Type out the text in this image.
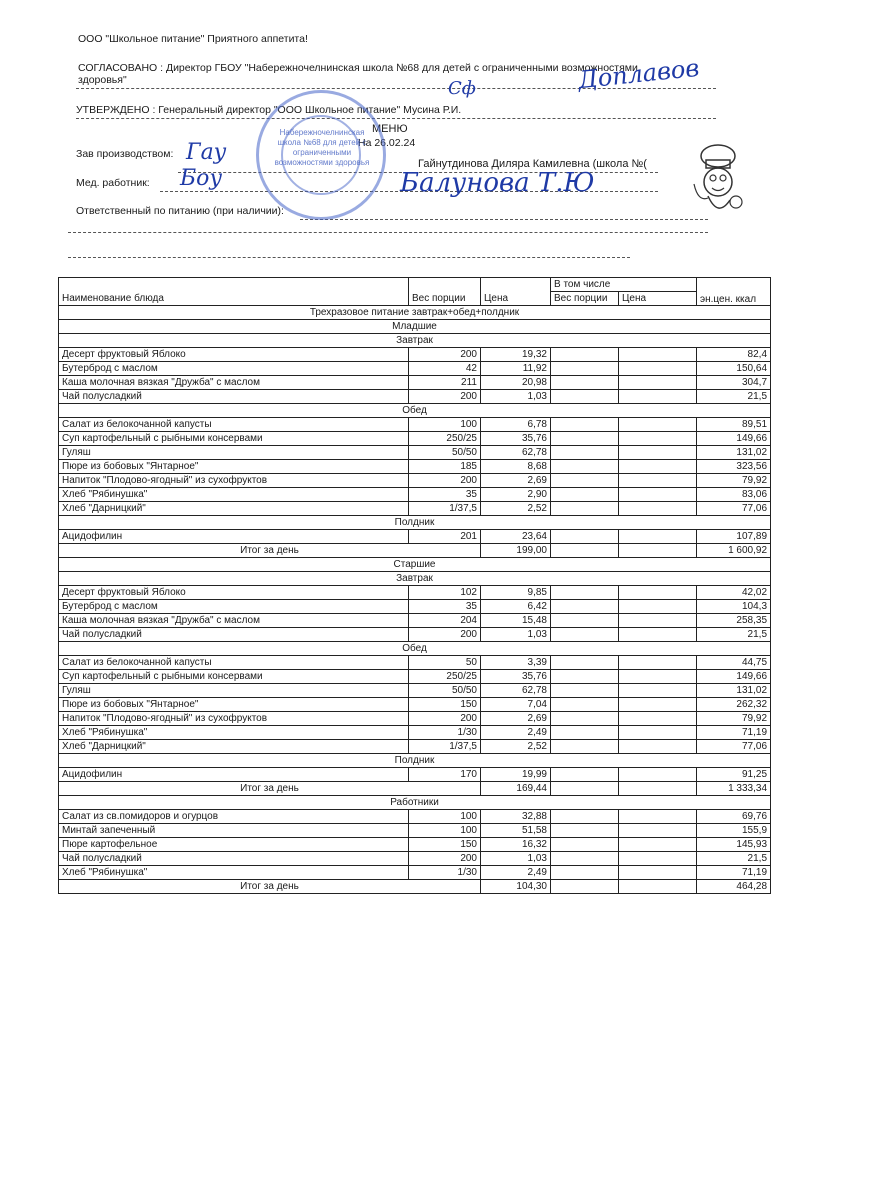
ООО "Школьное питание" Приятного аппетита!
СОГЛАСОВАНО : Директор ГБОУ "Набережночелнинская школа №68 для детей с ограниченными возможностями
здоровья"
УТВЕРЖДЕНО : Генеральный директор "ООО Школьное питание" Мусина Р.И.
МЕНЮ
На 26.02.24
Зав производством:
Гайнутдинова Диляра Камилевна (школа №(
Мед. работник:
Ответственный по питанию (при наличии):
Доплавов
Сф
Гау
Боу	Балунова Т.Ю
Набережночелнинская школа №68 для детей с ограниченными возможностями здоровья
Наименование блюда	Вес порции	Цена	В том числе		эн.цен. ккал
			Вес порции	Цена	
Трехразовое питание завтрак+обед+полдник					
Младшие					
Завтрак					
Десерт фруктовый Яблоко	200	19,32			82,4
Бутерброд с маслом	42	11,92			150,64
Каша молочная вязкая "Дружба" с маслом	211	20,98			304,7
Чай полусладкий	200	1,03			21,5
Обед					
Салат из белокочанной капусты	100	6,78			89,51
Суп картофельный с рыбными консервами	250/25	35,76			149,66
Гуляш	50/50	62,78			131,02
Пюре из бобовых "Янтарное"	185	8,68			323,56
Напиток "Плодово-ягодный" из сухофруктов	200	2,69			79,92
Хлеб "Рябинушка"	35	2,90			83,06
Хлеб "Дарницкий"	1/37,5	2,52			77,06
Полдник					
Ацидофилин	201	23,64			107,89
Итог за день		199,00			1 600,92
Старшие					
Завтрак					
Десерт фруктовый Яблоко	102	9,85			42,02
Бутерброд с маслом	35	6,42			104,3
Каша молочная вязкая "Дружба" с маслом	204	15,48			258,35
Чай полусладкий	200	1,03			21,5
Обед					
Салат из белокочанной капусты	50	3,39			44,75
Суп картофельный с рыбными консервами	250/25	35,76			149,66
Гуляш	50/50	62,78			131,02
Пюре из бобовых "Янтарное"	150	7,04			262,32
Напиток "Плодово-ягодный" из сухофруктов	200	2,69			79,92
Хлеб "Рябинушка"	1/30	2,49			71,19
Хлеб "Дарницкий"	1/37,5	2,52			77,06
Полдник					
Ацидофилин	170	19,99			91,25
Итог за день		169,44			1 333,34
Работники					
Салат из св.помидоров и огурцов	100	32,88			69,76
Минтай запеченный	100	51,58			155,9
Пюре картофельное	150	16,32			145,93
Чай полусладкий	200	1,03			21,5
Хлеб "Рябинушка"	1/30	2,49			71,19
Итог за день		104,30			464,28
